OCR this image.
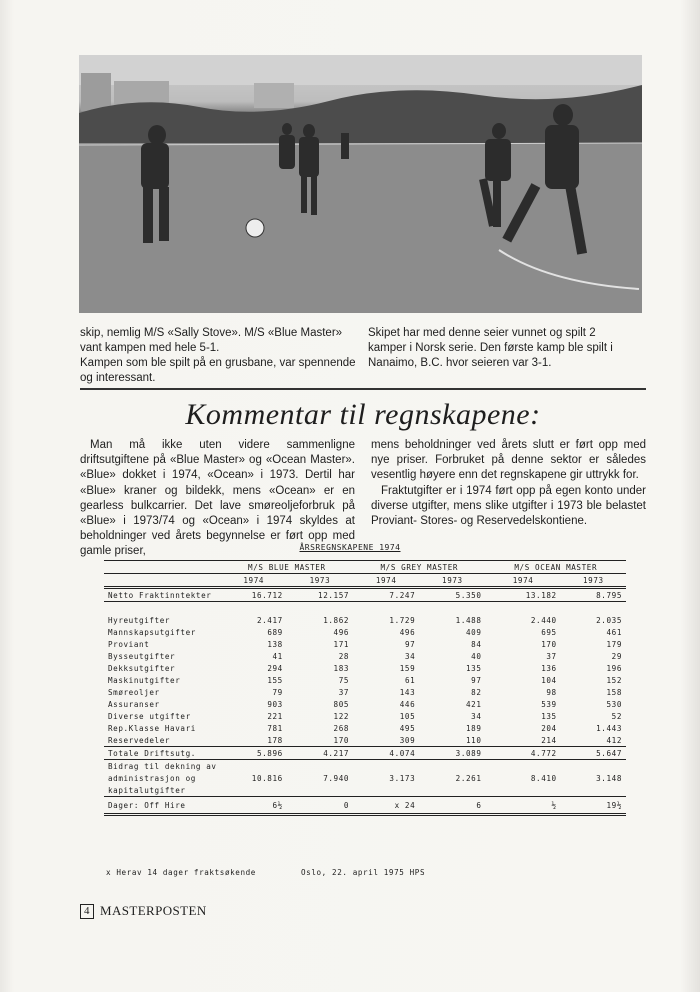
skip, nemlig M/S «Sally Stove». M/S «Blue Master»
vant kampen med hele 5-1.
Kampen som ble spilt på en grusbane, var spennende
og interessant.
Skipet har med denne seier vunnet og spilt 2
kamper i Norsk serie. Den første kamp ble spilt i
Nanaimo, B.C. hvor seieren var 3-1.
Kommentar til regnskapene:

Man må ikke uten videre sammenligne driftsutgiftene på «Blue Master» og «Ocean Master». «Blue» dokket i 1974, «Ocean» i 1973. Dertil har «Blue» kraner og bildekk, mens «Ocean» er en gearless bulkcarrier. Det lave smøreoljeforbruk på «Blue» i 1973/74 og «Ocean» i 1974 skyldes at beholdninger ved årets begynnelse er ført opp med gamle priser,

mens beholdninger ved årets slutt er ført opp med nye priser. Forbruket på denne sektor er således vesentlig høyere enn det regnskapene gir uttrykk for.

Fraktutgifter er i 1974 ført opp på egen konto under diverse utgifter, mens slike utgifter i 1973 ble belastet Proviant- Stores- og Reservedelskontiene.

ÅRSREGNSKAPENE 1974
	M/S BLUE MASTER		M/S GREY MASTER		M/S OCEAN MASTER	
	1974	1973	1974	1973	1974	1973
Netto Fraktinntekter	16.712	12.157	7.247	5.350	13.182	8.795

Hyreutgifter	2.417	1.862	1.729	1.488	2.440	2.035
Mannskapsutgifter	689	496	496	409	695	461
Proviant	138	171	97	84	170	179
Bysseutgifter	41	28	34	40	37	29
Dekksutgifter	294	183	159	135	136	196
Maskinutgifter	155	75	61	97	104	152
Smøreoljer	79	37	143	82	98	158
Assuranser	903	805	446	421	539	530
Diverse utgifter	221	122	105	34	135	52
Rep.Klasse Havari	781	268	495	189	204	1.443
Reservedeler	178	170	309	110	214	412
Totale Driftsutg.	5.896	4.217	4.074	3.089	4.772	5.647
Bidrag til dekning av						
administrasjon og	10.816	7.940	3.173	2.261	8.410	3.148
kapitalutgifter						
Dager: Off Hire	6½	0	x 24	6	½	19½
x Herav 14 dager fraktsøkende	Oslo, 22. april 1975 HPS
4 MASTERPOSTEN
